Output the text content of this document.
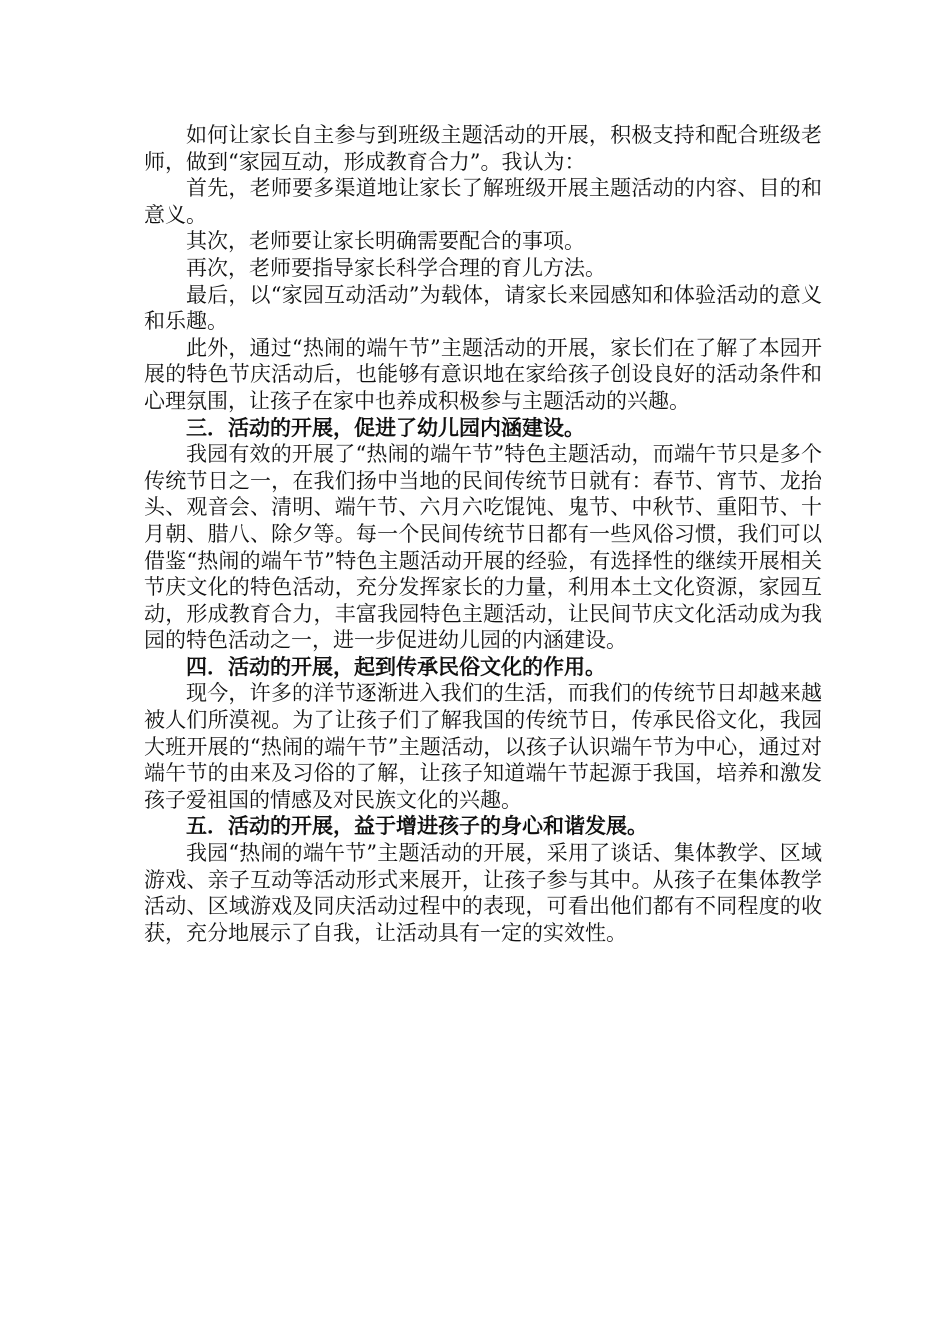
如何让家长自主参与到班级主题活动的开展，积极支持和配合班级老师，做到“家园互动，形成教育合力”。我认为：

首先，老师要多渠道地让家长了解班级开展主题活动的内容、目的和意义。

其次，老师要让家长明确需要配合的事项。

再次，老师要指导家长科学合理的育儿方法。

最后，以“家园互动活动”为载体，请家长来园感知和体验活动的意义和乐趣。

此外，通过“热闹的端午节”主题活动的开展，家长们在了解了本园开展的特色节庆活动后，也能够有意识地在家给孩子创设良好的活动条件和心理氛围，让孩子在家中也养成积极参与主题活动的兴趣。

三．活动的开展，促进了幼儿园内涵建设。

我园有效的开展了“热闹的端午节”特色主题活动，而端午节只是多个传统节日之一，在我们扬中当地的民间传统节日就有：春节、宵节、龙抬头、观音会、清明、端午节、六月六吃馄饨、鬼节、中秋节、重阳节、十月朝、腊八、除夕等。每一个民间传统节日都有一些风俗习惯，我们可以借鉴“热闹的端午节”特色主题活动开展的经验，有选择性的继续开展相关节庆文化的特色活动，充分发挥家长的力量，利用本土文化资源，家园互动，形成教育合力，丰富我园特色主题活动，让民间节庆文化活动成为我园的特色活动之一，进一步促进幼儿园的内涵建设。

四．活动的开展，起到传承民俗文化的作用。

现今，许多的洋节逐渐进入我们的生活，而我们的传统节日却越来越被人们所漠视。为了让孩子们了解我国的传统节日，传承民俗文化，我园大班开展的“热闹的端午节”主题活动，以孩子认识端午节为中心，通过对端午节的由来及习俗的了解，让孩子知道端午节起源于我国，培养和激发孩子爱祖国的情感及对民族文化的兴趣。

五．活动的开展，益于增进孩子的身心和谐发展。

我园“热闹的端午节”主题活动的开展，采用了谈话、集体教学、区域游戏、亲子互动等活动形式来展开，让孩子参与其中。从孩子在集体教学活动、区域游戏及同庆活动过程中的表现，可看出他们都有不同程度的收获，充分地展示了自我，让活动具有一定的实效性。
